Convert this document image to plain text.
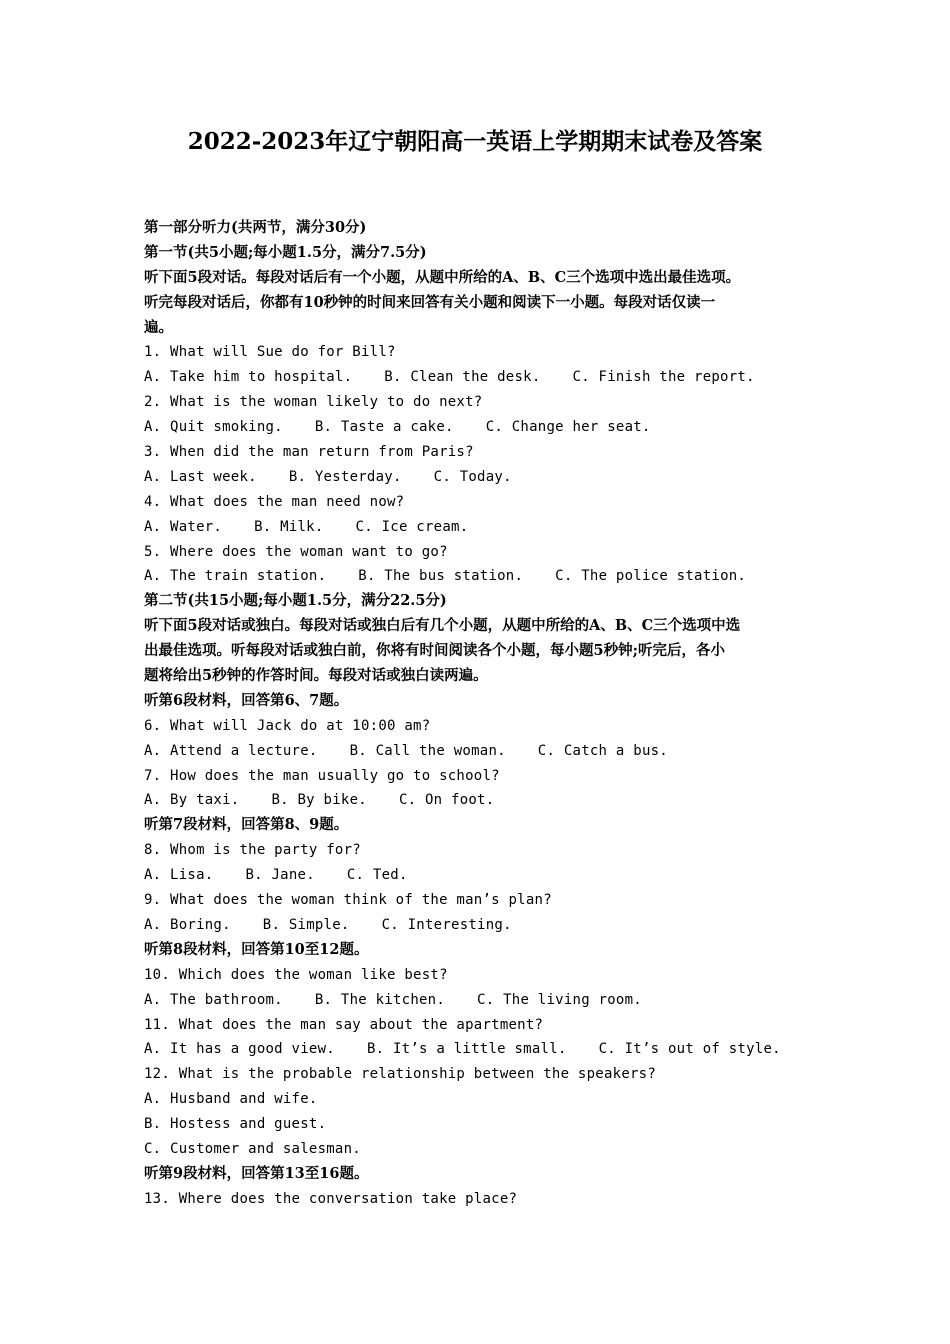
2022-2023年辽宁朝阳高一英语上学期期末试卷及答案
第一部分听力(共两节，满分30分)
第一节(共5小题;每小题1.5分，满分7.5分)
听下面5段对话。每段对话后有一个小题，从题中所给的A、B、C三个选项中选出最佳选项。
听完每段对话后，你都有10秒钟的时间来回答有关小题和阅读下一小题。每段对话仅读一
遍。
1. What will Sue do for Bill?
A. Take him to hospital. B. Clean the desk. C. Finish the report.
2. What is the woman likely to do next?
A. Quit smoking. B. Taste a cake. C. Change her seat.
3. When did the man return from Paris?
A. Last week. B. Yesterday. C. Today.
4. What does the man need now?
A. Water. B. Milk. C. Ice cream.
5. Where does the woman want to go?
A. The train station. B. The bus station. C. The police station.
第二节(共15小题;每小题1.5分，满分22.5分)
听下面5段对话或独白。每段对话或独白后有几个小题，从题中所给的A、B、C三个选项中选
出最佳选项。听每段对话或独白前，你将有时间阅读各个小题，每小题5秒钟;听完后，各小
题将给出5秒钟的作答时间。每段对话或独白读两遍。
听第6段材料，回答第6、7题。
6. What will Jack do at 10:00 am?
A. Attend a lecture. B. Call the woman. C. Catch a bus.
7. How does the man usually go to school?
A. By taxi. B. By bike. C. On foot.
听第7段材料，回答第8、9题。
8. Whom is the party for?
A. Lisa. B. Jane. C. Ted.
9. What does the woman think of the man’s plan?
A. Boring. B. Simple. C. Interesting.
听第8段材料，回答第10至12题。
10. Which does the woman like best?
A. The bathroom. B. The kitchen. C. The living room.
11. What does the man say about the apartment?
A. It has a good view. B. It’s a little small. C. It’s out of style.
12. What is the probable relationship between the speakers?
A. Husband and wife.
B. Hostess and guest.
C. Customer and salesman.
听第9段材料，回答第13至16题。
13. Where does the conversation take place?
